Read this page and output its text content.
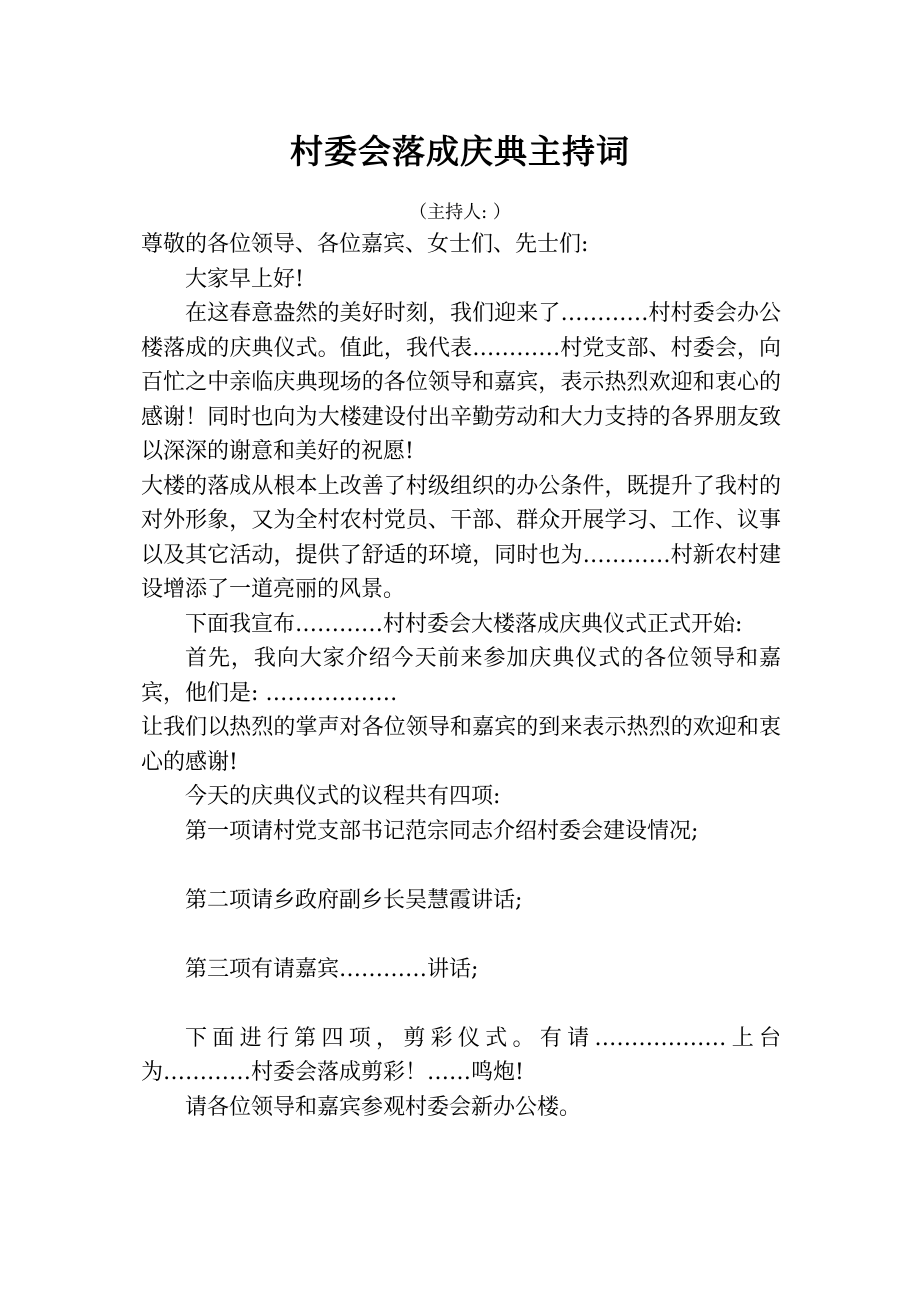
村委会落成庆典主持词
（主持人: ）

尊敬的各位领导、各位嘉宾、女士们、先士们:

大家早上好!

在这春意盎然的美好时刻，我们迎来了…………村村委会办公楼落成的庆典仪式。值此，我代表…………村党支部、村委会，向百忙之中亲临庆典现场的各位领导和嘉宾，表示热烈欢迎和衷心的感谢！同时也向为大楼建设付出辛勤劳动和大力支持的各界朋友致以深深的谢意和美好的祝愿!

大楼的落成从根本上改善了村级组织的办公条件，既提升了我村的对外形象，又为全村农村党员、干部、群众开展学习、工作、议事以及其它活动，提供了舒适的环境，同时也为…………村新农村建设增添了一道亮丽的风景。

下面我宣布…………村村委会大楼落成庆典仪式正式开始:

首先，我向大家介绍今天前来参加庆典仪式的各位领导和嘉宾，他们是: ………………

让我们以热烈的掌声对各位领导和嘉宾的到来表示热烈的欢迎和衷心的感谢!

今天的庆典仪式的议程共有四项:

第一项请村党支部书记范宗同志介绍村委会建设情况;

第二项请乡政府副乡长吴慧霞讲话;

第三项有请嘉宾…………讲话;

下面进行第四项，剪彩仪式。有请………………上台为…………村委会落成剪彩！……鸣炮!

请各位领导和嘉宾参观村委会新办公楼。
